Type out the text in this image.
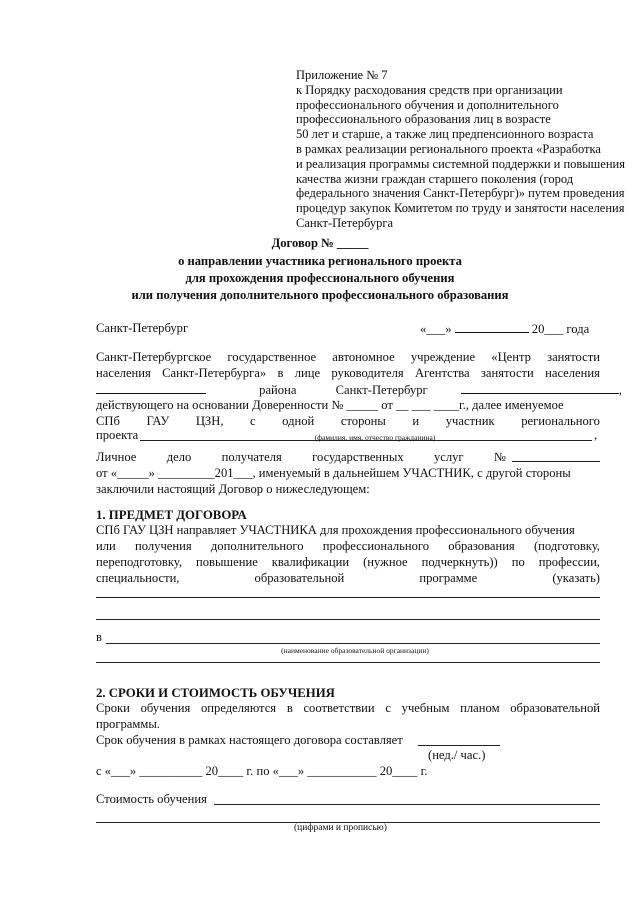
Приложение № 7
к Порядку расходования средств при организации
профессионального обучения и дополнительного
профессионального образования лиц в возрасте
50 лет и старше, а также лиц предпенсионного возраста
в рамках реализации регионального проекта «Разработка
и реализация программы системной поддержки и повышения
качества жизни граждан старшего поколения (город
федерального значения Санкт-Петербург)» путем проведения
процедур закупок Комитетом по труду и занятости населения
Санкт-Петербурга
Договор № _____
о направлении участника регионального проекта
для прохождения профессионального обучения
или получения дополнительного профессионального образования
Санкт-Петербург	«___»	20___ года
Санкт-Петербургское государственное автономное учреждение «Центр занятости
населения Санкт-Петербурга» в лице руководителя Агентства занятости населения
района	Санкт-Петербург	,
действующего на основании Доверенности № _____ от __ ___ ____г., далее именуемое
СПб ГАУ ЦЗН, с одной стороны и участник регионального
проекта	,
(фамилия, имя, отчество гражданина)
Личное дело получателя государственных услуг №
от «_____» _________201___, именуемый в дальнейшем УЧАСТНИК, с другой стороны
заключили настоящий Договор о нижеследующем:
1. ПРЕДМЕТ ДОГОВОРА
СПб ГАУ ЦЗН направляет УЧАСТНИКА для прохождения профессионального обучения
или получения дополнительного профессионального образования (подготовку,
переподготовку, повышение квалификации (нужное подчеркнуть)) по профессии,
специальности,	образовательной	программе	(указать)
в
(наименование образовательной организации)
2. СРОКИ И СТОИМОСТЬ ОБУЧЕНИЯ
Сроки обучения определяются в соответствии с учебным планом образовательной
программы.
Срок обучения в рамках настоящего договора составляет
(нед./ час.)
с «___» __________ 20____ г. по «___» ___________ 20____ г.
Стоимость обучения
(цифрами и прописью)
